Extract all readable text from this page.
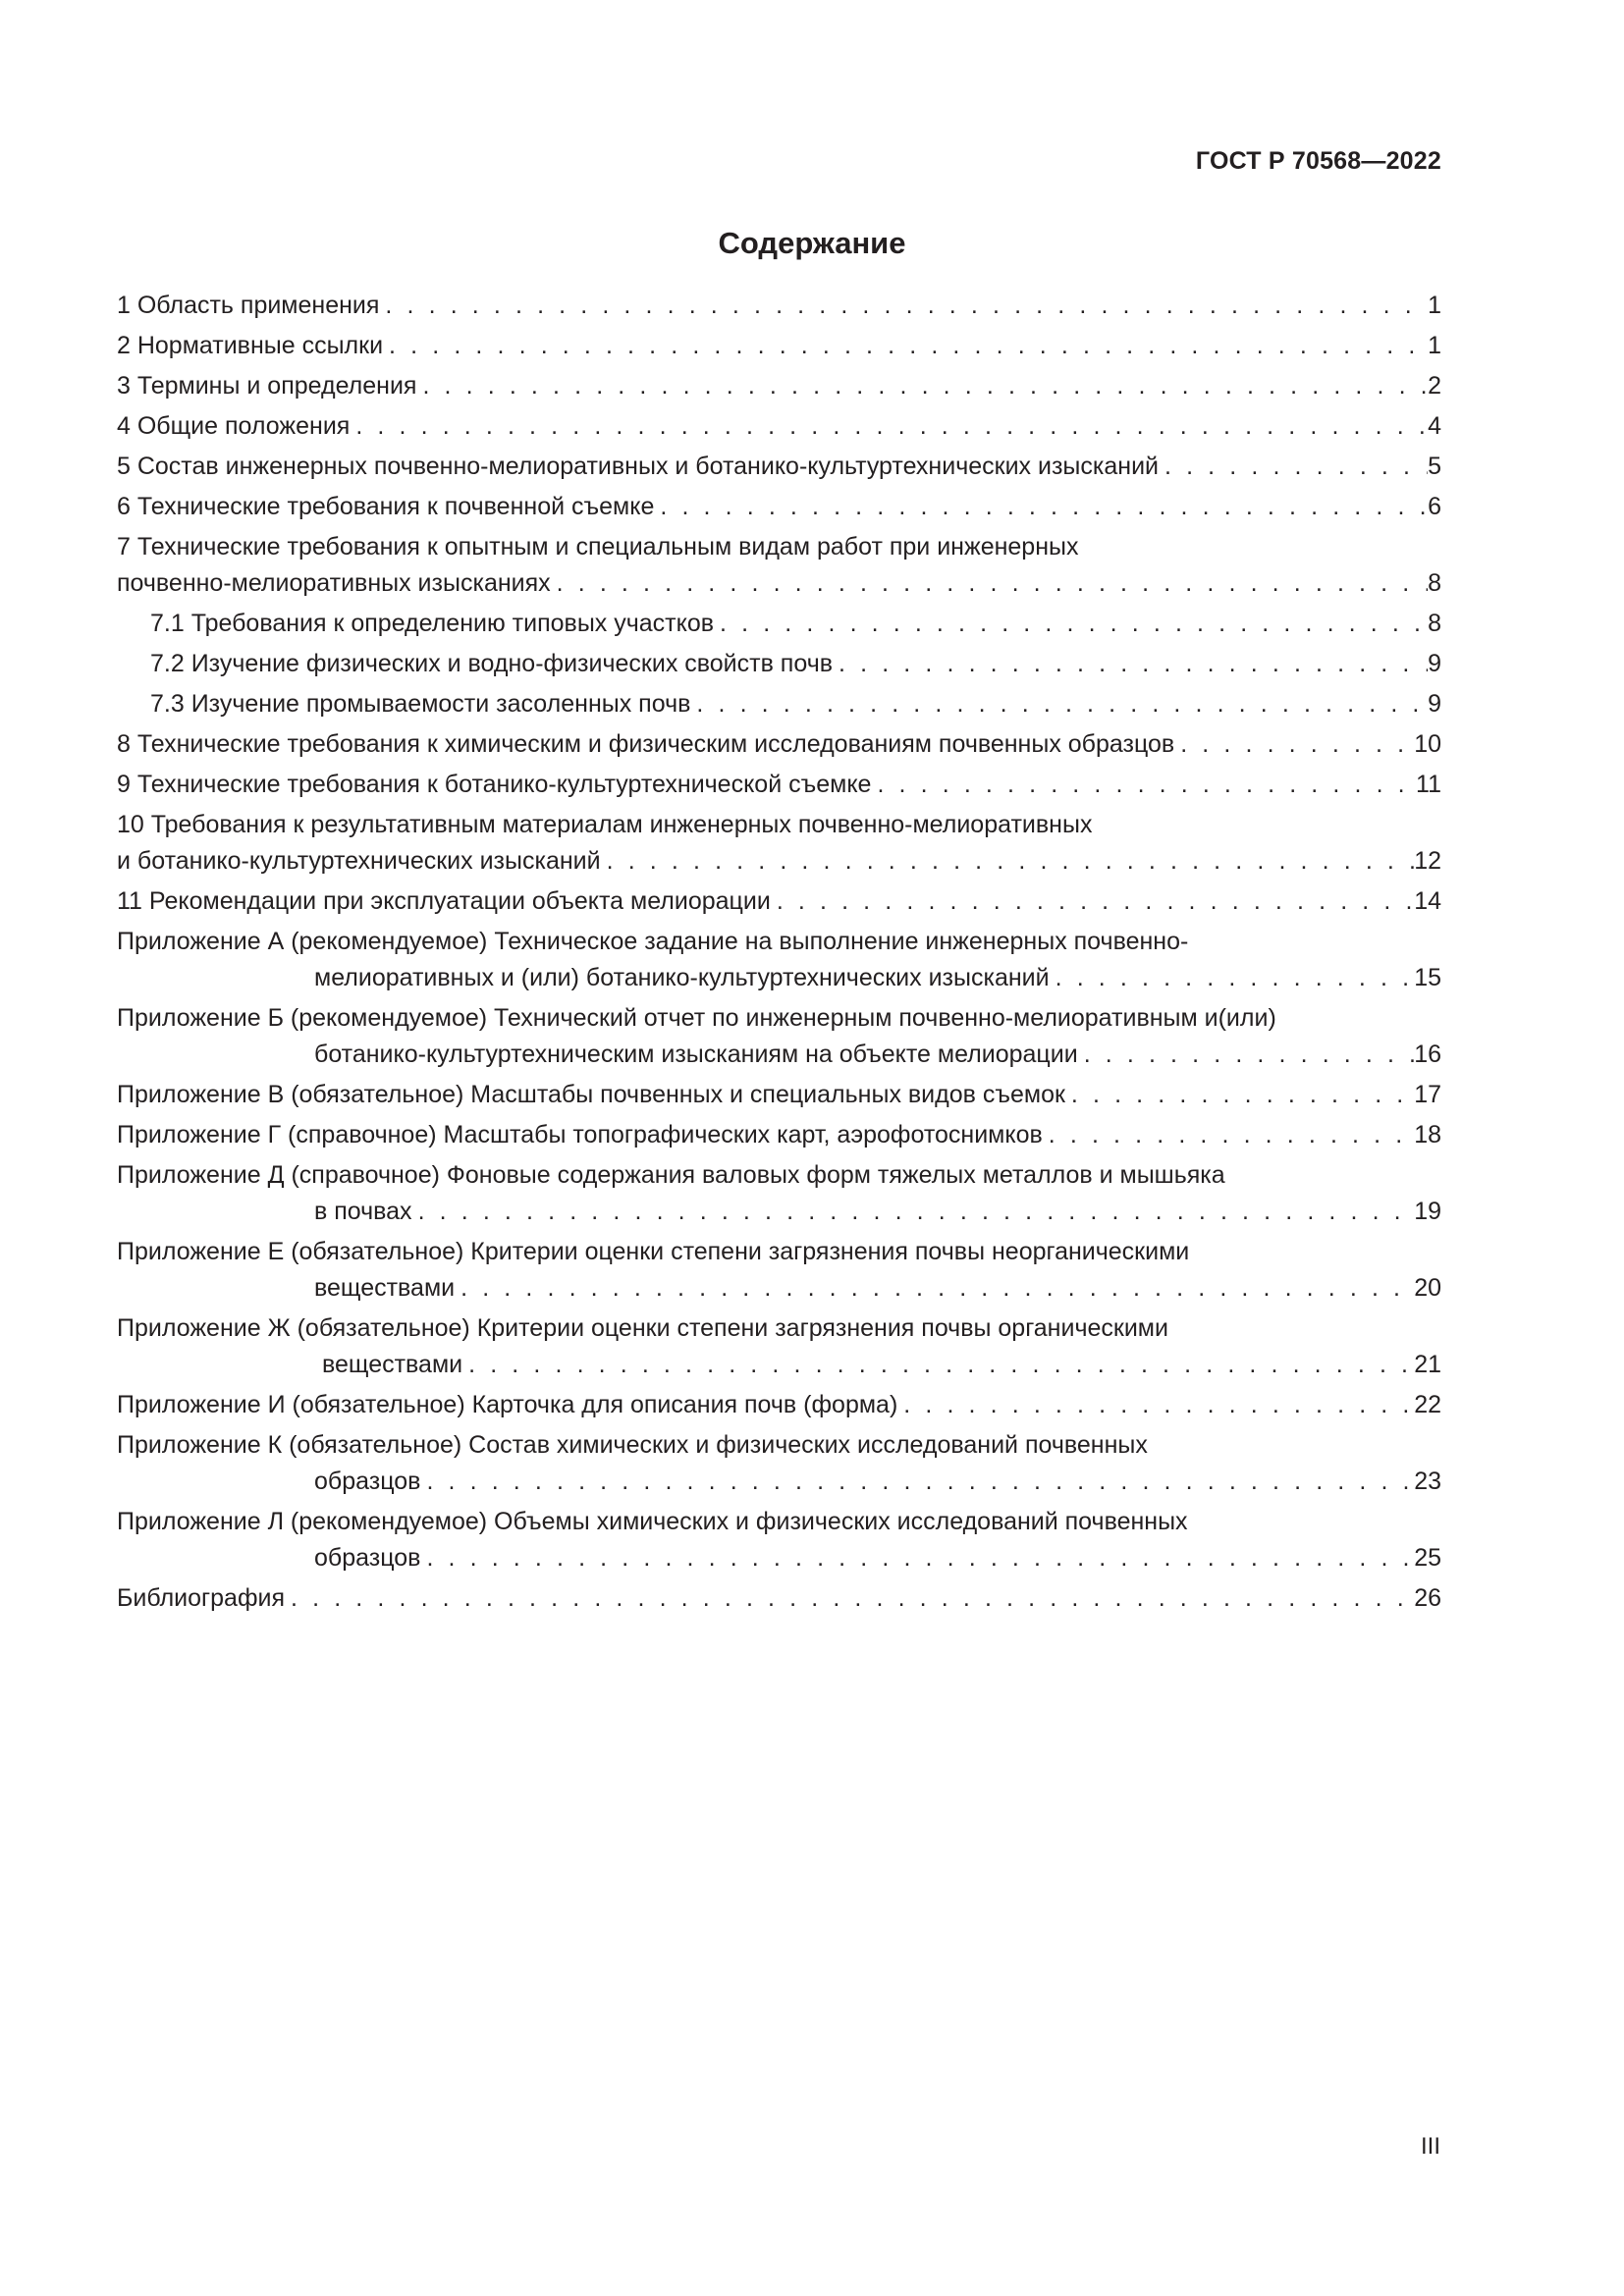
ГОСТ Р 70568—2022
Содержание
1 Область применения . . .	1
2 Нормативные ссылки . . .	1
3 Термины и определения . . .	2
4 Общие положения . . .	4
5 Состав инженерных почвенно-мелиоративных и ботанико-культуртехнических изысканий . . .	5
6 Технические требования к почвенной съемке . . .	6
7 Технические требования к опытным и специальным видам работ при инженерных
почвенно-мелиоративных изысканиях . . .	8
7.1 Требования к определению типовых участков . . .	8
7.2 Изучение физических и водно-физических свойств почв . . .	9
7.3 Изучение промываемости засоленных почв . . .	9
8 Технические требования к химическим и физическим исследованиям почвенных образцов . . .	10
9 Технические требования к ботанико-культуртехнической съемке . . .	11
10 Требования к результативным материалам инженерных почвенно-мелиоративных
и ботанико-культуртехнических изысканий . . .	12
11 Рекомендации при эксплуатации объекта мелиорации . . .	14
Приложение А (рекомендуемое) Техническое задание на выполнение инженерных почвенно-
мелиоративных и (или) ботанико-культуртехнических изысканий . . .	15
Приложение Б (рекомендуемое) Технический отчет по инженерным почвенно-мелиоративным и(или)
ботанико-культуртехническим изысканиям на объекте мелиорации . . .	16
Приложение В (обязательное) Масштабы почвенных и специальных видов съемок . . .	17
Приложение Г (справочное) Масштабы топографических карт, аэрофотоснимков . . .	18
Приложение Д (справочное) Фоновые содержания валовых форм тяжелых металлов и мышьяка
в почвах . . .	19
Приложение Е (обязательное) Критерии оценки степени загрязнения почвы неорганическими
веществами . . .	20
Приложение Ж (обязательное) Критерии оценки степени загрязнения почвы органическими
веществами . . .	21
Приложение И (обязательное) Карточка для описания почв (форма) . . .	22
Приложение К (обязательное) Состав химических и физических исследований почвенных
образцов . . .	23
Приложение Л (рекомендуемое) Объемы химических и физических исследований почвенных
образцов . . .	25
Библиография . . .	26
III
